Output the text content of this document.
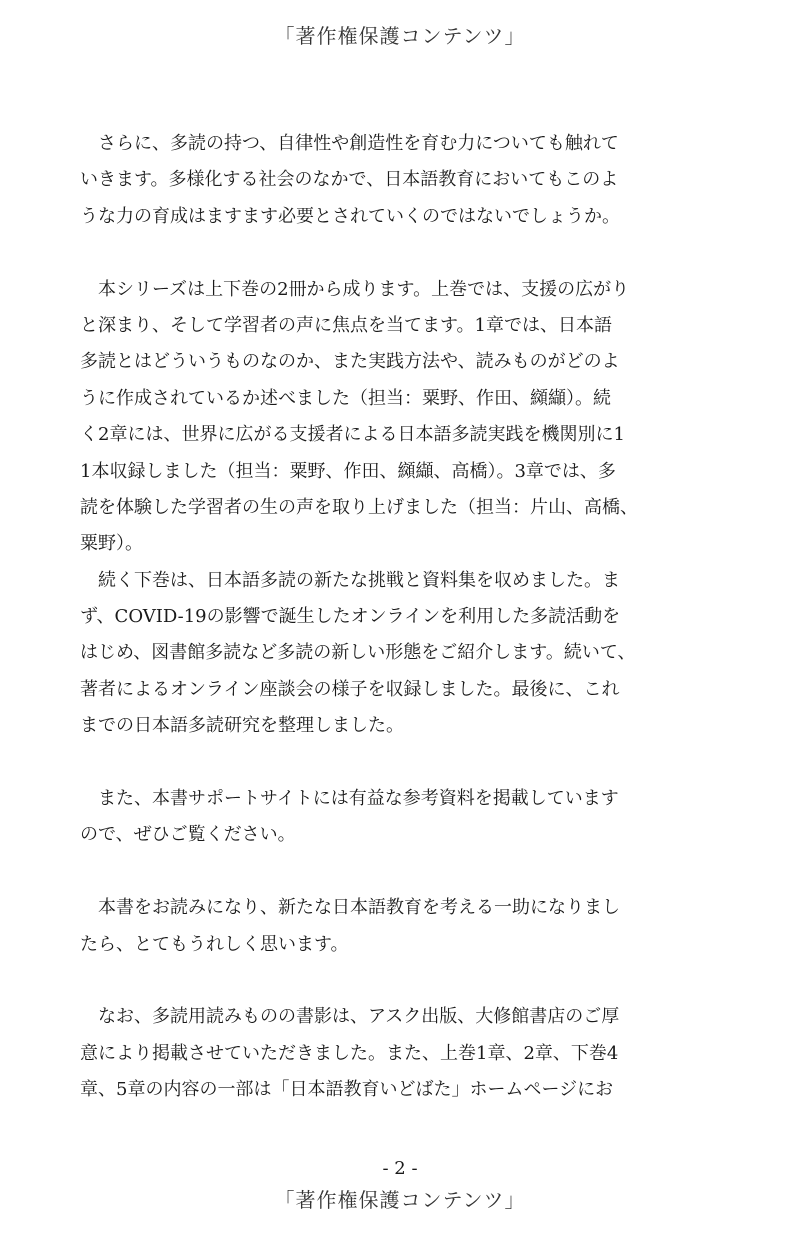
「著作権保護コンテンツ」
　さらに、多読の持つ、自律性や創造性を育む力についても触れて
いきます。多様化する社会のなかで、日本語教育においてもこのよ
うな力の育成はますます必要とされていくのではないでしょうか。
　本シリーズは上下巻の2冊から成ります。上巻では、支援の広がり
と深まり、そして学習者の声に焦点を当てます。1章では、日本語
多読とはどういうものなのか、また実践方法や、読みものがどのよ
うに作成されているか述べました（担当：粟野、作田、纐纈）。続
く2章には、世界に広がる支援者による日本語多読実践を機関別に1
1本収録しました（担当：粟野、作田、纐纈、高橋）。3章では、多
読を体験した学習者の生の声を取り上げました（担当：片山、高橋、
粟野）。
　続く下巻は、日本語多読の新たな挑戦と資料集を収めました。ま
ず、COVID-19の影響で誕生したオンラインを利用した多読活動を
はじめ、図書館多読など多読の新しい形態をご紹介します。続いて、
著者によるオンライン座談会の様子を収録しました。最後に、これ
までの日本語多読研究を整理しました。
　また、本書サポートサイトには有益な参考資料を掲載しています
ので、ぜひご覧ください。
　本書をお読みになり、新たな日本語教育を考える一助になりまし
たら、とてもうれしく思います。
　なお、多読用読みものの書影は、アスク出版、大修館書店のご厚
意により掲載させていただきました。また、上巻1章、2章、下巻4
章、5章の内容の一部は「日本語教育いどばた」ホームページにお
- 2 -
「著作権保護コンテンツ」
